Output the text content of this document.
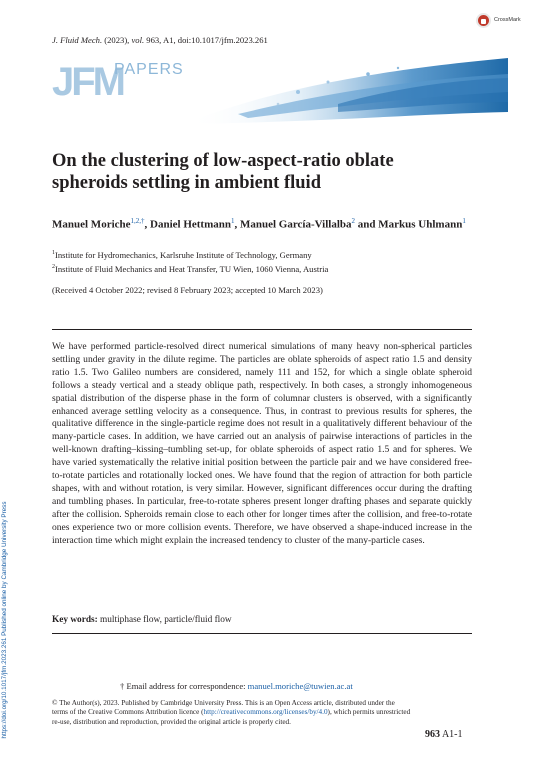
https://doi.org/10.1017/jfm.2023.261 Published online by Cambridge University Press
CrossMark
J. Fluid Mech. (2023), vol. 963, A1, doi:10.1017/jfm.2023.261
JFM
PAPERS
On the clustering of low-aspect-ratio oblate spheroids settling in ambient fluid
Manuel Moriche$^{1,2,\dagger}$, Daniel Hettmann$^1$, Manuel García-Villalba$^2$ and Markus Uhlmann$^1$
$^1$Institute for Hydromechanics, Karlsruhe Institute of Technology, Germany
$^2$Institute of Fluid Mechanics and Heat Transfer, TU Wien, 1060 Vienna, Austria
(Received 4 October 2022; revised 8 February 2023; accepted 10 March 2023)

We have performed particle-resolved direct numerical simulations of many heavy non-spherical particles settling under gravity in the dilute regime. The particles are oblate spheroids of aspect ratio 1.5 and density ratio 1.5. Two Galileo numbers are considered, namely 111 and 152, for which a single oblate spheroid follows a steady vertical and a steady oblique path, respectively. In both cases, a strongly inhomogeneous spatial distribution of the disperse phase in the form of columnar clusters is observed, with a significantly enhanced average settling velocity as a consequence. Thus, in contrast to previous results for spheres, the qualitative difference in the single-particle regime does not result in a qualitatively different behaviour of the many-particle cases. In addition, we have carried out an analysis of pairwise interactions of particles in the well-known drafting–kissing–tumbling set-up, for oblate spheroids of aspect ratio 1.5 and for spheres. We have varied systematically the relative initial position between the particle pair and we have considered free-to-rotate particles and rotationally locked ones. We have found that the region of attraction for both particle shapes, with and without rotation, is very similar. However, significant differences occur during the drafting and tumbling phases. In particular, free-to-rotate spheres present longer drafting phases and separate quickly after the collision. Spheroids remain close to each other for longer times after the collision, and free-to-rotate ones experience two or more collision events. Therefore, we have observed a shape-induced increase in the interaction time which might explain the increased tendency to cluster of the many-particle cases.

Key words: multiphase flow, particle/fluid flow
† Email address for correspondence: manuel.moriche@tuwien.ac.at

© The Author(s), 2023. Published by Cambridge University Press. This is an Open Access article, distributed under the terms of the Creative Commons Attribution licence (http://creativecommons.org/licenses/by/4.0), which permits unrestricted re-use, distribution and reproduction, provided the original article is properly cited.

963 A1-1
